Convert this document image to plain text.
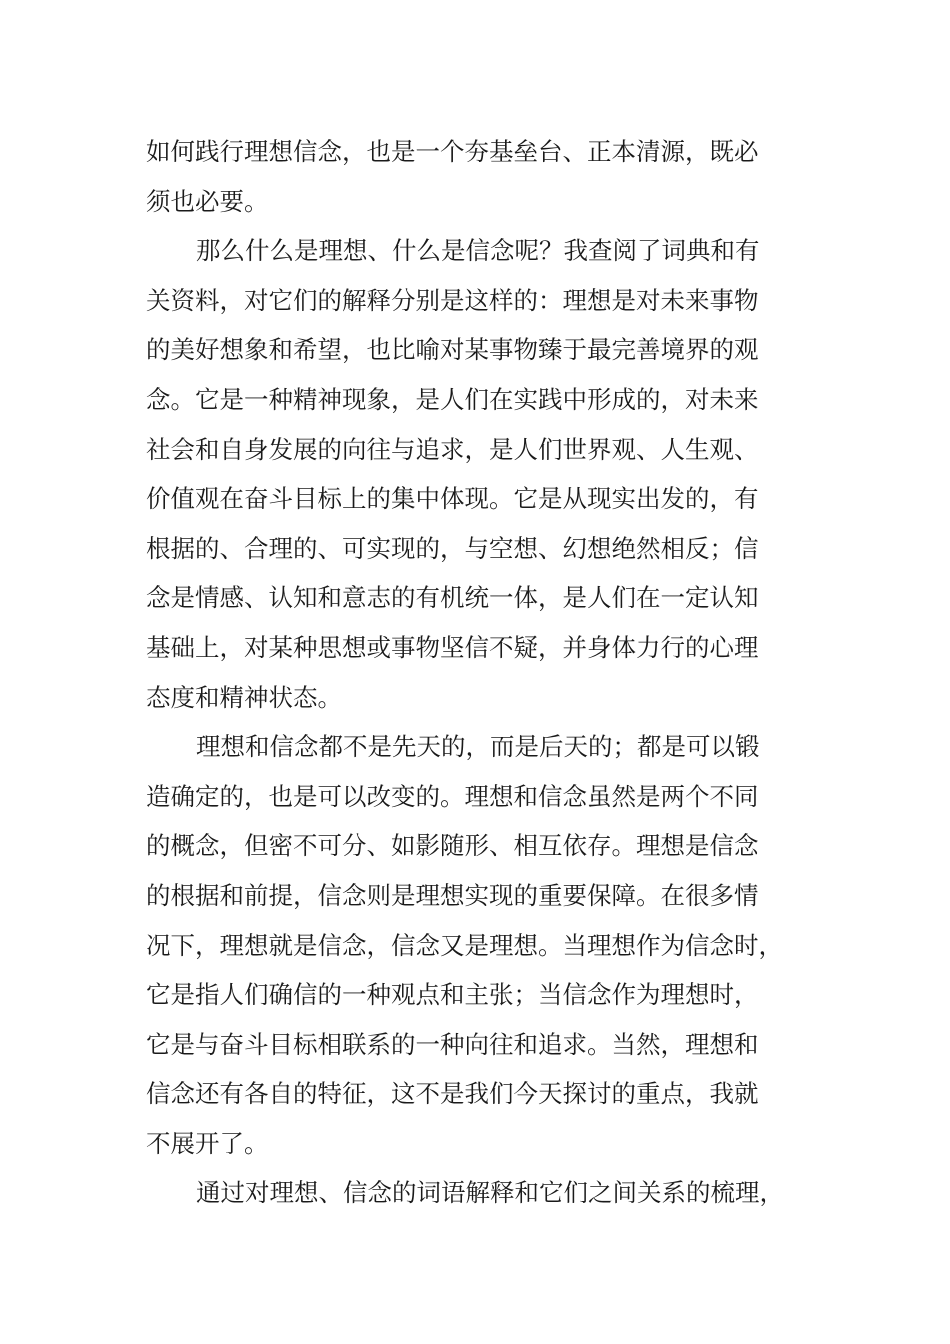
如何践行理想信念，也是一个夯基垒台、正本清源，既必
须也必要。
那么什么是理想、什么是信念呢？我查阅了词典和有
关资料，对它们的解释分别是这样的：理想是对未来事物
的美好想象和希望，也比喻对某事物臻于最完善境界的观
念。它是一种精神现象，是人们在实践中形成的，对未来
社会和自身发展的向往与追求，是人们世界观、人生观、
价值观在奋斗目标上的集中体现。它是从现实出发的，有
根据的、合理的、可实现的，与空想、幻想绝然相反；信
念是情感、认知和意志的有机统一体，是人们在一定认知
基础上，对某种思想或事物坚信不疑，并身体力行的心理
态度和精神状态。
理想和信念都不是先天的，而是后天的；都是可以锻
造确定的，也是可以改变的。理想和信念虽然是两个不同
的概念，但密不可分、如影随形、相互依存。理想是信念
的根据和前提，信念则是理想实现的重要保障。在很多情
况下，理想就是信念，信念又是理想。当理想作为信念时，
它是指人们确信的一种观点和主张；当信念作为理想时，
它是与奋斗目标相联系的一种向往和追求。当然，理想和
信念还有各自的特征，这不是我们今天探讨的重点，我就
不展开了。
通过对理想、信念的词语解释和它们之间关系的梳理，
